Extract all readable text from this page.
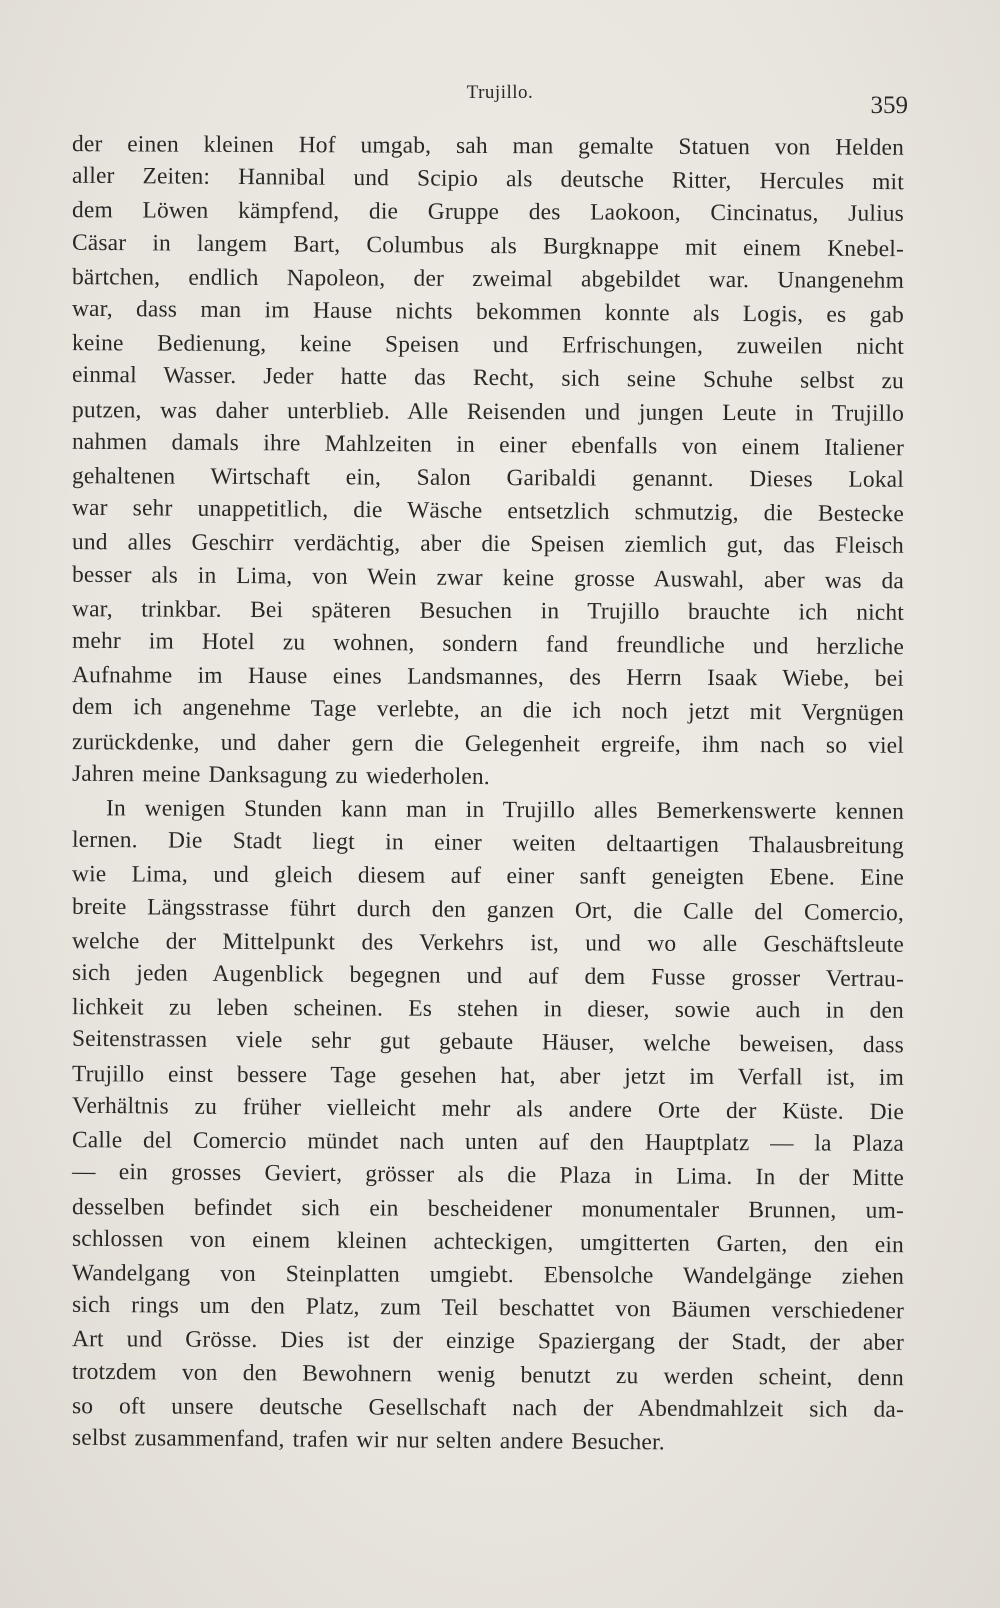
Trujillo.	359
der einen kleinen Hof umgab, sah man gemalte Statuen von Helden
aller Zeiten: Hannibal und Scipio als deutsche Ritter, Hercules mit
dem Löwen kämpfend, die Gruppe des Laokoon, Cincinatus, Julius
Cäsar in langem Bart, Columbus als Burgknappe mit einem Knebel-
bärtchen, endlich Napoleon, der zweimal abgebildet war. Unangenehm
war, dass man im Hause nichts bekommen konnte als Logis, es gab
keine Bedienung, keine Speisen und Erfrischungen, zuweilen nicht
einmal Wasser. Jeder hatte das Recht, sich seine Schuhe selbst zu
putzen, was daher unterblieb. Alle Reisenden und jungen Leute in Trujillo
nahmen damals ihre Mahlzeiten in einer ebenfalls von einem Italiener
gehaltenen Wirtschaft ein, Salon Garibaldi genannt. Dieses Lokal
war sehr unappetitlich, die Wäsche entsetzlich schmutzig, die Bestecke
und alles Geschirr verdächtig, aber die Speisen ziemlich gut, das Fleisch
besser als in Lima, von Wein zwar keine grosse Auswahl, aber was da
war, trinkbar. Bei späteren Besuchen in Trujillo brauchte ich nicht
mehr im Hotel zu wohnen, sondern fand freundliche und herzliche
Aufnahme im Hause eines Landsmannes, des Herrn Isaak Wiebe, bei
dem ich angenehme Tage verlebte, an die ich noch jetzt mit Vergnügen
zurückdenke, und daher gern die Gelegenheit ergreife, ihm nach so viel
Jahren meine Danksagung zu wiederholen.
In wenigen Stunden kann man in Trujillo alles Bemerkenswerte kennen
lernen. Die Stadt liegt in einer weiten deltaartigen Thalausbreitung
wie Lima, und gleich diesem auf einer sanft geneigten Ebene. Eine
breite Längsstrasse führt durch den ganzen Ort, die Calle del Comercio,
welche der Mittelpunkt des Verkehrs ist, und wo alle Geschäftsleute
sich jeden Augenblick begegnen und auf dem Fusse grosser Vertrau-
lichkeit zu leben scheinen. Es stehen in dieser, sowie auch in den
Seitenstrassen viele sehr gut gebaute Häuser, welche beweisen, dass
Trujillo einst bessere Tage gesehen hat, aber jetzt im Verfall ist, im
Verhältnis zu früher vielleicht mehr als andere Orte der Küste. Die
Calle del Comercio mündet nach unten auf den Hauptplatz — la Plaza
— ein grosses Geviert, grösser als die Plaza in Lima. In der Mitte
desselben befindet sich ein bescheidener monumentaler Brunnen, um-
schlossen von einem kleinen achteckigen, umgitterten Garten, den ein
Wandelgang von Steinplatten umgiebt. Ebensolche Wandelgänge ziehen
sich rings um den Platz, zum Teil beschattet von Bäumen verschiedener
Art und Grösse. Dies ist der einzige Spaziergang der Stadt, der aber
trotzdem von den Bewohnern wenig benutzt zu werden scheint, denn
so oft unsere deutsche Gesellschaft nach der Abendmahlzeit sich da-
selbst zusammenfand, trafen wir nur selten andere Besucher.
